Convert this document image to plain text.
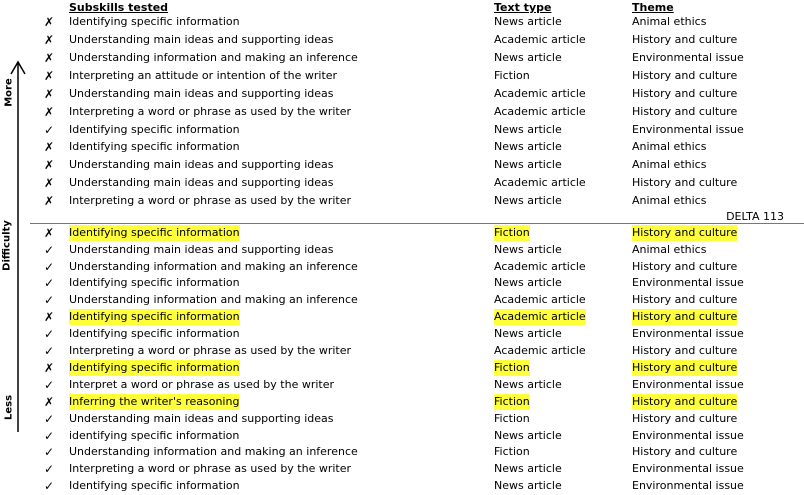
More
Difficulty
Less
Subskills tested	Text type	Theme
✗ Identifying specific information	News article	Animal ethics
✗ Understanding main ideas and supporting ideas	Academic article	History and culture
✗ Understanding information and making an inference	News article	Environmental issue
✗ Interpreting an attitude or intention of the writer	Fiction	History and culture
✗ Understanding main ideas and supporting ideas	Academic article	History and culture
✗ Interpreting a word or phrase as used by the writer	Academic article	History and culture
✓ Identifying specific information	News article	Environmental issue
✗ Identifying specific information	News article	Animal ethics
✗ Understanding main ideas and supporting ideas	News article	Animal ethics
✗ Understanding main ideas and supporting ideas	Academic article	History and culture
✗ Interpreting a word or phrase as used by the writer	News article	Animal ethics
✗ Identifying specific information	Fiction	History and culture
✓ Understanding main ideas and supporting ideas	News article	Animal ethics
✓ Understanding information and making an inference	Academic article	History and culture
✓ Identifying specific information	News article	Environmental issue
✓ Understanding information and making an inference	Academic article	History and culture
✗ Identifying specific information	Academic article	History and culture
✓ Identifying specific information	News article	Environmental issue
✓ Interpreting a word or phrase as used by the writer	Academic article	History and culture
✗ Identifying specific information	Fiction	History and culture
✓ Interpret a word or phrase as used by the writer	News article	Environmental issue
✗ Inferring the writer's reasoning	Fiction	History and culture
✓ Understanding main ideas and supporting ideas	Fiction	History and culture
✓ identifying specific information	News article	Environmental issue
✓ Understanding information and making an inference	Fiction	History and culture
✓ Interpreting a word or phrase as used by the writer	News article	Environmental issue
✓ Identifying specific information	News article	Environmental issue
DELTA 113
